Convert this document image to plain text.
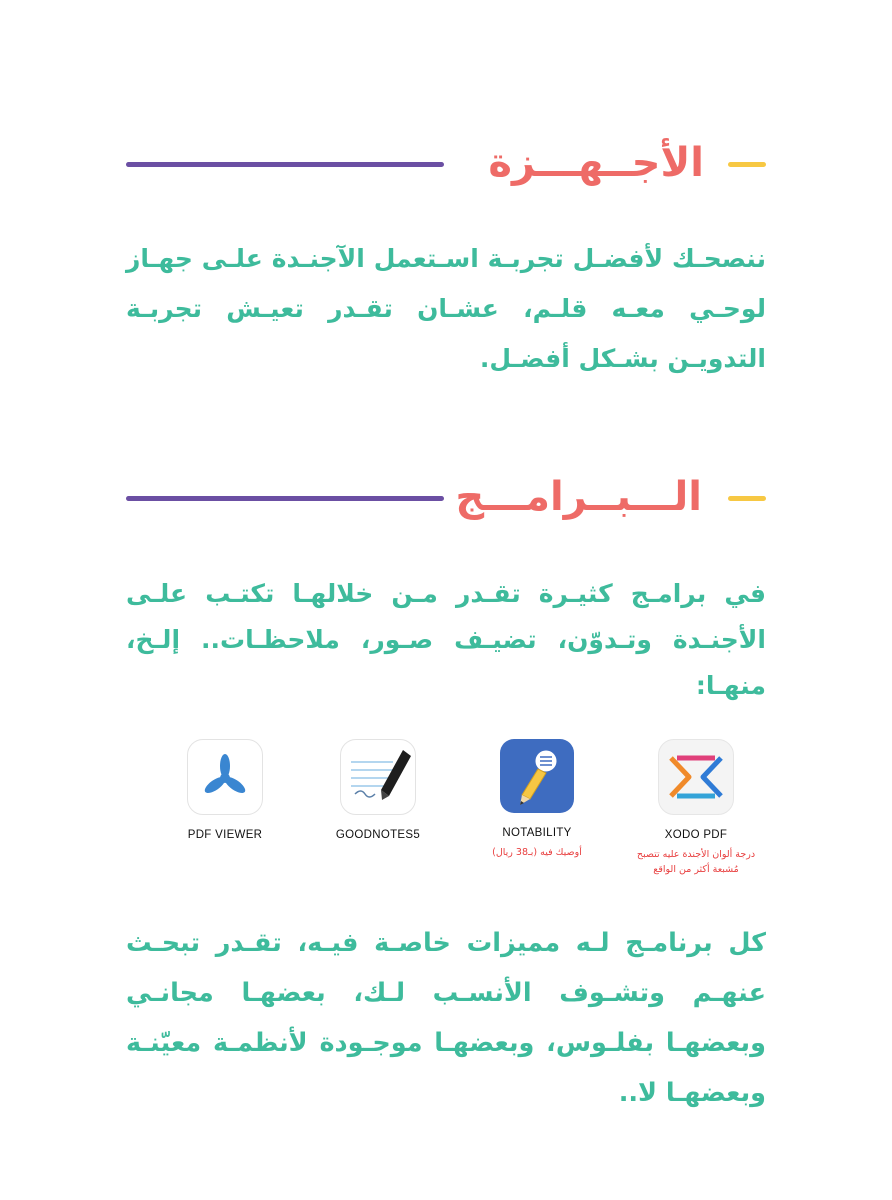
الأجــهـــزة

ننصحـك لأفضـل تجربـة اسـتعمل الآجنـدة علـى جهـاز لوحـي معـه قلـم، عشـان تقـدر تعيـش تجربـة التدويـن بشـكل أفضـل.

الـــبــرامـــج

في برامـج كثيـرة تقـدر مـن خلالهـا تكتـب علـى الأجنـدة وتـدوّن، تضيـف صـور، ملاحظـات.. إلـخ، منهـا:

PDF VIEWER	GOODNOTES5	NOTABILITY
أوصيك فيه (بـ38 ريال)
XODO PDF
درجة ألوان الأجندة عليه تتصبح مُشبعة أكثر من الواقع

كل برنامـج لـه مميزات خاصـة فيـه، تقـدر تبحـث عنهـم وتشـوف الأنسـب لـك، بعضهـا مجانـي وبعضهـا بفلـوس، وبعضهـا موجـودة لأنظمـة معيّنـة وبعضهـا لا..
